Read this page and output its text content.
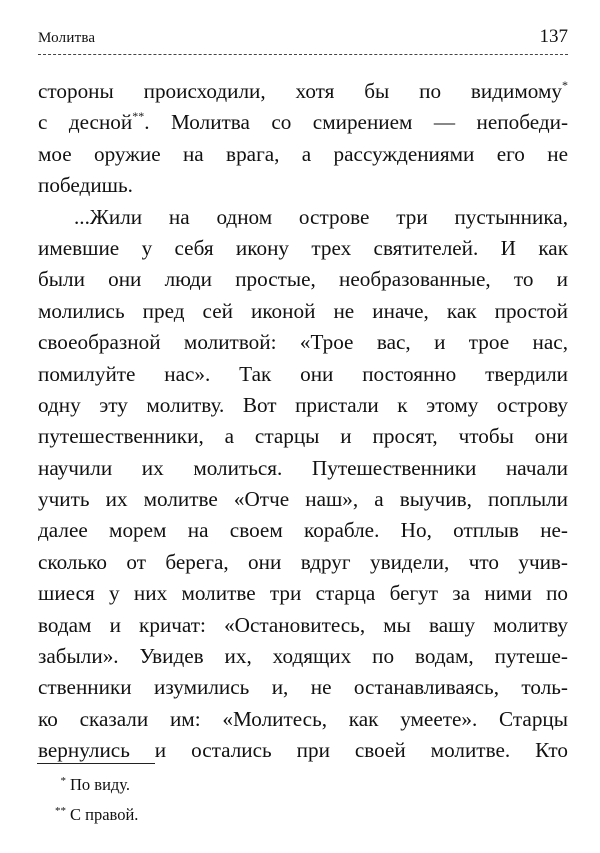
Молитва	137
стороны происходили, хотя бы по видимому*
с десной**. Молитва со смирением — непобеди-
мое оружие на врага, а рассуждениями его не
победишь.
...Жили на одном острове три пустынника,
имевшие у себя икону трех святителей. И как
были они люди простые, необразованные, то и
молились пред сей иконой не иначе, как простой
своеобразной молитвой: «Трое вас, и трое нас,
помилуйте нас». Так они постоянно твердили
одну эту молитву. Вот пристали к этому острову
путешественники, а старцы и просят, чтобы они
научили их молиться. Путешественники начали
учить их молитве «Отче наш», а выучив, поплыли
далее морем на своем корабле. Но, отплыв не-
сколько от берега, они вдруг увидели, что учив-
шиеся у них молитве три старца бегут за ними по
водам и кричат: «Остановитесь, мы вашу молитву
забыли». Увидев их, ходящих по водам, путеше-
ственники изумились и, не останавливаясь, толь-
ко сказали им: «Молитесь, как умеете». Старцы
вернулись и остались при своей молитве. Кто
* По виду.
** С правой.
